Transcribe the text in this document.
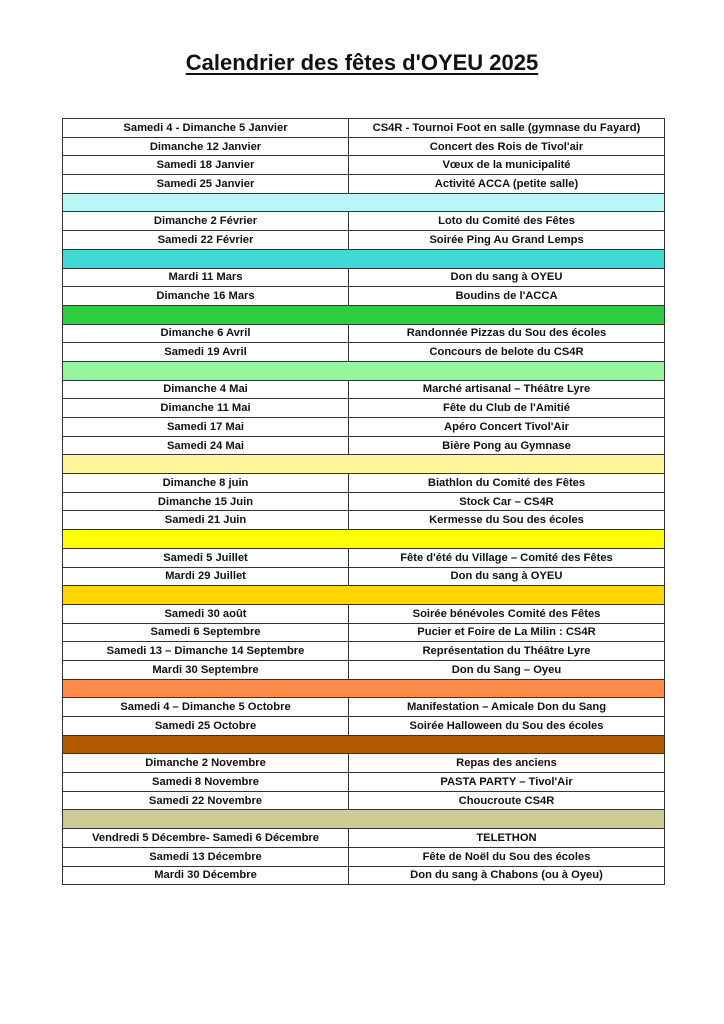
Calendrier des fêtes d'OYEU 2025
Samedi 4 - Dimanche 5 Janvier	CS4R - Tournoi Foot en salle (gymnase du Fayard)
Dimanche 12 Janvier	Concert des Rois de Tivol'air
Samedi 18 Janvier	Vœux de la municipalité
Samedi 25 Janvier	Activité ACCA (petite salle)

Dimanche 2 Février	Loto du Comité des Fêtes
Samedi 22 Février	Soirée Ping Au Grand Lemps

Mardi 11 Mars	Don du sang à OYEU
Dimanche 16 Mars	Boudins de l'ACCA

Dimanche 6 Avril	Randonnée Pizzas du Sou des écoles
Samedi 19 Avril	Concours de belote du CS4R

Dimanche 4 Mai	Marché artisanal – Théâtre Lyre
Dimanche 11 Mai	Fête du Club de l'Amitié
Samedi 17 Mai	Apéro Concert Tivol'Air
Samedi 24 Mai	Bière Pong au Gymnase

Dimanche 8 juin	Biathlon du Comité des Fêtes
Dimanche 15 Juin	Stock Car – CS4R
Samedi 21 Juin	Kermesse du Sou des écoles

Samedi 5 Juillet	Fête d'été du Village – Comité des Fêtes
Mardi 29 Juillet	Don du sang à OYEU

Samedi 30 août	Soirée bénévoles Comité des Fêtes
Samedi 6 Septembre	Pucier et Foire de La Milin : CS4R
Samedi 13 – Dimanche 14 Septembre	Représentation du Théâtre Lyre
Mardi 30 Septembre	Don du Sang – Oyeu

Samedi 4 – Dimanche 5 Octobre	Manifestation – Amicale Don du Sang
Samedi 25 Octobre	Soirée Halloween du Sou des écoles

Dimanche 2 Novembre	Repas des anciens
Samedi 8 Novembre	PASTA PARTY – Tivol'Air
Samedi 22 Novembre	Choucroute CS4R

Vendredi 5 Décembre- Samedi 6 Décembre	TELETHON
Samedi 13 Décembre	Fête de Noël du Sou des écoles
Mardi 30 Décembre	Don du sang à Chabons (ou à Oyeu)
